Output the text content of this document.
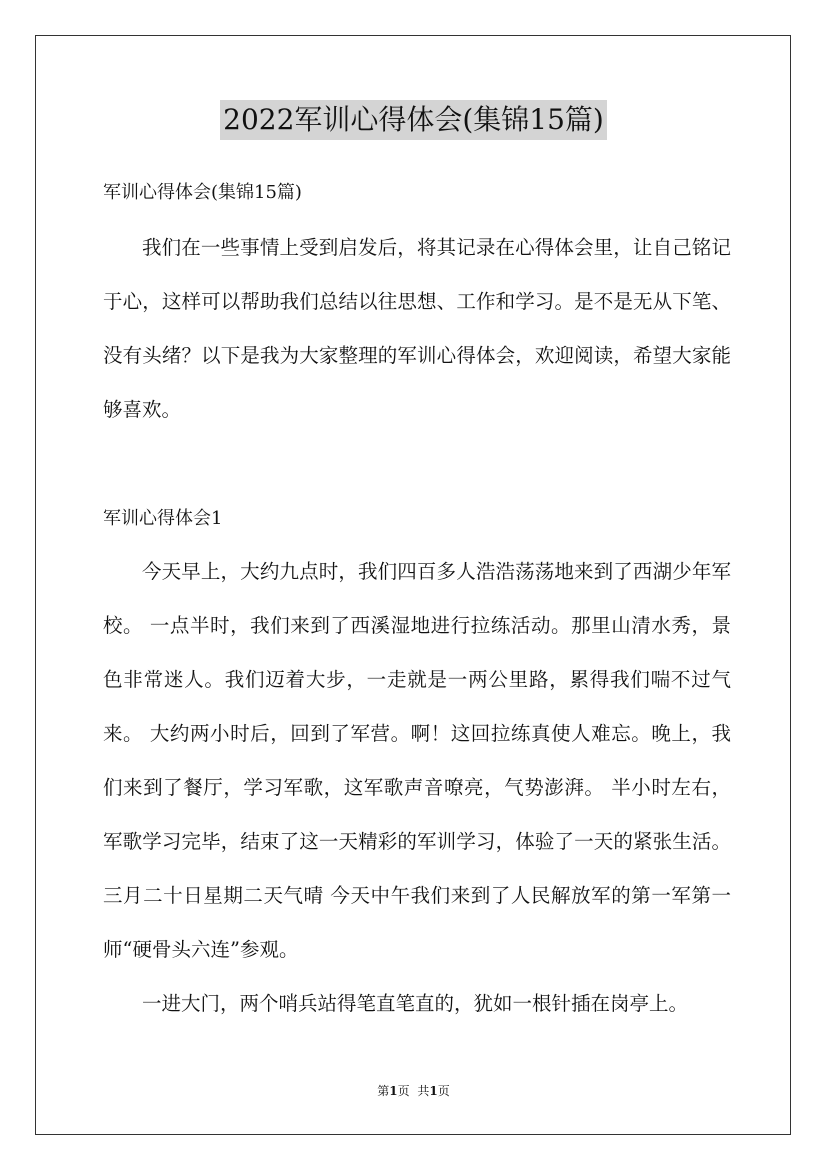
2022军训心得体会(集锦15篇)
军训心得体会(集锦15篇)

我们在一些事情上受到启发后，将其记录在心得体会里，让自己铭记于心，这样可以帮助我们总结以往思想、工作和学习。是不是无从下笔、没有头绪？以下是我为大家整理的军训心得体会，欢迎阅读，希望大家能够喜欢。

军训心得体会1

今天早上，大约九点时，我们四百多人浩浩荡荡地来到了西湖少年军校。 一点半时，我们来到了西溪湿地进行拉练活动。那里山清水秀，景色非常迷人。我们迈着大步，一走就是一两公里路，累得我们喘不过气来。 大约两小时后，回到了军营。啊！这回拉练真使人难忘。晚上，我们来到了餐厅，学习军歌，这军歌声音嘹亮，气势澎湃。 半小时左右，军歌学习完毕，结束了这一天精彩的军训学习，体验了一天的紧张生活。三月二十日星期二天气晴 今天中午我们来到了人民解放军的第一军第一师“硬骨头六连”参观。

一进大门，两个哨兵站得笔直笔直的，犹如一根针插在岗亭上。

第1页 共1页
